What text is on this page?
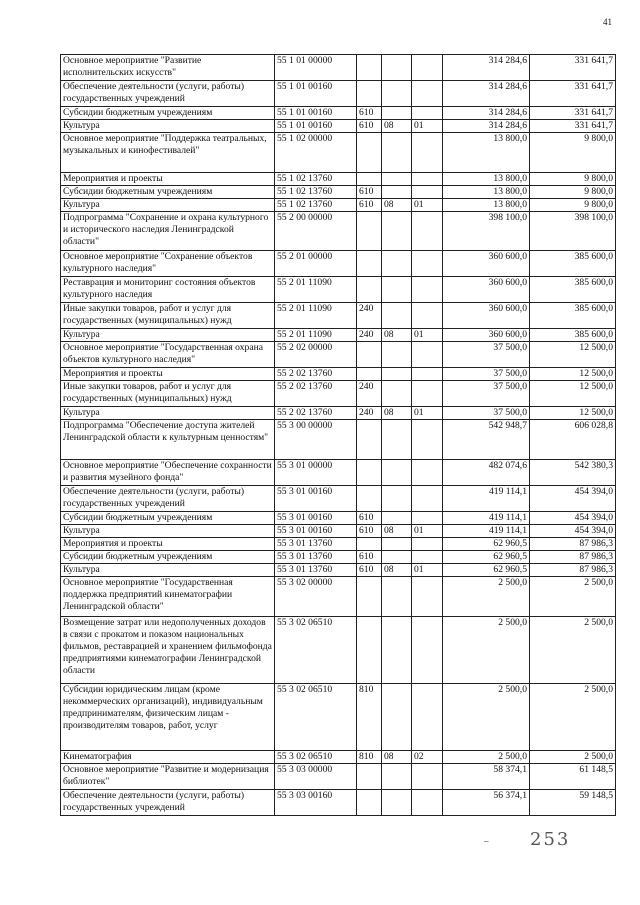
41
Основное мероприятие "Развитие исполнительских искусств"	55 1 01 00000				314 284,6	331 641,7
Обеспечение деятельности (услуги, работы) государственных учреждений	55 1 01 00160				314 284,6	331 641,7
Субсидии бюджетным учреждениям	55 1 01 00160	610			314 284,6	331 641,7
Культура	55 1 01 00160	610	08	01	314 284,6	331 641,7
Основное мероприятие "Поддержка театральных, музыкальных и кинофестивалей"	55 1 02 00000				13 800,0	9 800,0
Мероприятия и проекты	55 1 02 13760				13 800,0	9 800,0
Субсидии бюджетным учреждениям	55 1 02 13760	610			13 800,0	9 800,0
Культура	55 1 02 13760	610	08	01	13 800,0	9 800,0
Подпрограмма "Сохранение и охрана культурного и исторического наследия Ленинградской области"	55 2 00 00000				398 100,0	398 100,0
Основное мероприятие "Сохранение объектов культурного наследия"	55 2 01 00000				360 600,0	385 600,0
Реставрация и мониторинг состояния объектов культурного наследия	55 2 01 11090				360 600,0	385 600,0
Иные закупки товаров, работ и услуг для государственных (муниципальных) нужд	55 2 01 11090	240			360 600,0	385 600,0
Культура	55 2 01 11090	240	08	01	360 600,0	385 600,0
Основное мероприятие "Государственная охрана объектов культурного наследия"	55 2 02 00000				37 500,0	12 500,0
Мероприятия и проекты	55 2 02 13760				37 500,0	12 500,0
Иные закупки товаров, работ и услуг для государственных (муниципальных) нужд	55 2 02 13760	240			37 500,0	12 500,0
Культура	55 2 02 13760	240	08	01	37 500,0	12 500,0
Подпрограмма "Обеспечение доступа жителей Ленинградской области к культурным ценностям"	55 3 00 00000				542 948,7	606 028,8
Основное мероприятие "Обеспечение сохранности и развития музейного фонда"	55 3 01 00000				482 074,6	542 380,3
Обеспечение деятельности (услуги, работы) государственных учреждений	55 3 01 00160				419 114,1	454 394,0
Субсидии бюджетным учреждениям	55 3 01 00160	610			419 114,1	454 394,0
Культура	55 3 01 00160	610	08	01	419 114,1	454 394,0
Мероприятия и проекты	55 3 01 13760				62 960,5	87 986,3
Субсидии бюджетным учреждениям	55 3 01 13760	610			62 960,5	87 986,3
Культура	55 3 01 13760	610	08	01	62 960,5	87 986,3
Основное мероприятие "Государственная поддержка предприятий кинематографии Ленинградской области"	55 3 02 00000				2 500,0	2 500,0
Возмещение затрат или недополученных доходов в связи с прокатом и показом национальных фильмов, реставрацией и хранением фильмофонда предприятиями кинематографии Ленинградской области	55 3 02 06510				2 500,0	2 500,0
Субсидии юридическим лицам (кроме некоммерческих организаций), индивидуальным предпринимателям, физическим лицам - производителям товаров, работ, услуг	55 3 02 06510	810			2 500,0	2 500,0
Кинематография	55 3 02 06510	810	08	02	2 500,0	2 500,0
Основное мероприятие "Развитие и модернизация библиотек"	55 3 03 00000				58 374,1	61 148,5
Обеспечение деятельности (услуги, работы) государственных учреждений	55 3 03 00160				56 374,1	59 148,5
– 253
